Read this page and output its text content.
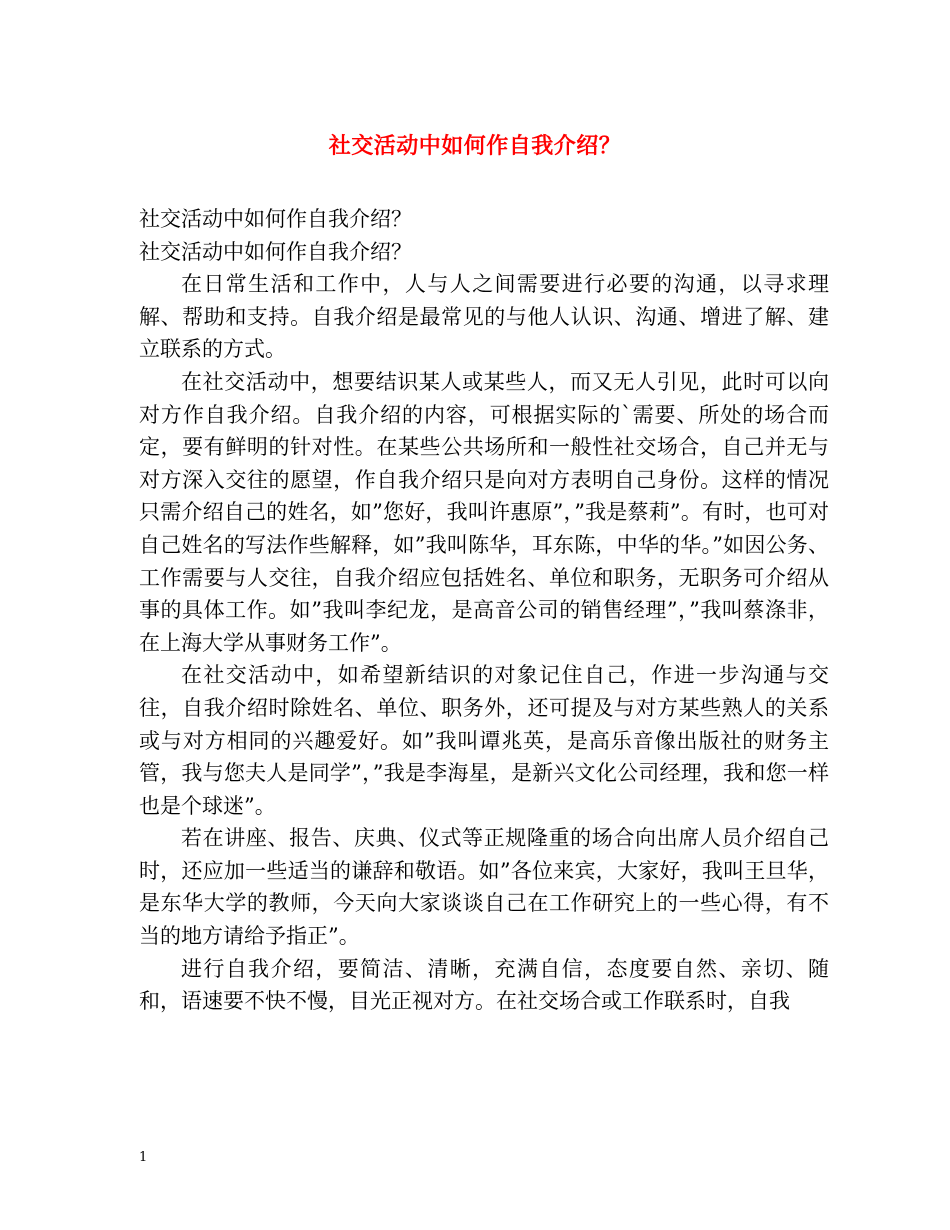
社交活动中如何作自我介绍？
社交活动中如何作自我介绍？
社交活动中如何作自我介绍？

在日常生活和工作中，人与人之间需要进行必要的沟通，以寻求理解、帮助和支持。自我介绍是最常见的与他人认识、沟通、增进了解、建立联系的方式。

在社交活动中，想要结识某人或某些人，而又无人引见，此时可以向对方作自我介绍。自我介绍的内容，可根据实际的`需要、所处的场合而定，要有鲜明的针对性。在某些公共场所和一般性社交场合，自己并无与对方深入交往的愿望，作自我介绍只是向对方表明自己身份。这样的情况只需介绍自己的姓名，如”您好，我叫许惠原”，”我是蔡莉”。有时，也可对自己姓名的写法作些解释，如”我叫陈华，耳东陈，中华的华。”如因公务、工作需要与人交往，自我介绍应包括姓名、单位和职务，无职务可介绍从事的具体工作。如”我叫李纪龙，是高音公司的销售经理”，”我叫蔡涤非，在上海大学从事财务工作”。

在社交活动中，如希望新结识的对象记住自己，作进一步沟通与交往，自我介绍时除姓名、单位、职务外，还可提及与对方某些熟人的关系或与对方相同的兴趣爱好。如”我叫谭兆英，是高乐音像出版社的财务主管，我与您夫人是同学”，”我是李海星，是新兴文化公司经理，我和您一样也是个球迷”。

若在讲座、报告、庆典、仪式等正规隆重的场合向出席人员介绍自己时，还应加一些适当的谦辞和敬语。如”各位来宾，大家好，我叫王旦华，是东华大学的教师，今天向大家谈谈自己在工作研究上的一些心得，有不当的地方请给予指正”。

进行自我介绍，要简洁、清晰，充满自信，态度要自然、亲切、随和，语速要不快不慢，目光正视对方。在社交场合或工作联系时，自我

1
